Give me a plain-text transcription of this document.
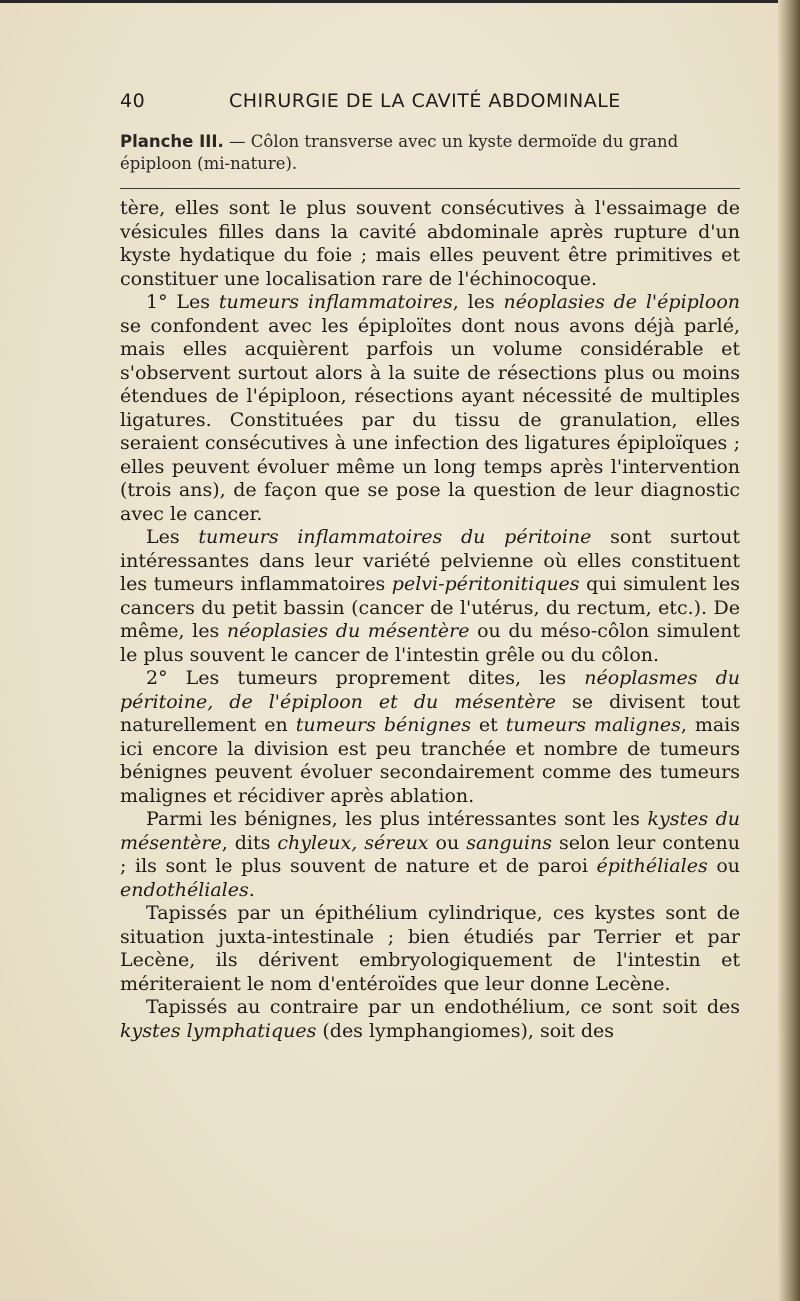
40	CHIRURGIE DE LA CAVITÉ ABDOMINALE
Planche III. — Côlon transverse avec un kyste dermoïde du grand épiploon (mi-nature).

tère, elles sont le plus souvent consécutives à l'essaimage de vésicules filles dans la cavité abdominale après rupture d'un kyste hydatique du foie ; mais elles peuvent être primitives et constituer une localisation rare de l'échinocoque.

1° Les tumeurs inflammatoires, les néoplasies de l'épiploon se confondent avec les épiploïtes dont nous avons déjà parlé, mais elles acquièrent parfois un volume considérable et s'observent surtout alors à la suite de résections plus ou moins étendues de l'épiploon, résections ayant nécessité de multiples ligatures. Constituées par du tissu de granulation, elles seraient consécutives à une infection des ligatures épiploïques ; elles peuvent évoluer même un long temps après l'intervention (trois ans), de façon que se pose la question de leur diagnostic avec le cancer.

Les tumeurs inflammatoires du péritoine sont surtout intéressantes dans leur variété pelvienne où elles constituent les tumeurs inflammatoires pelvi-péritonitiques qui simulent les cancers du petit bassin (cancer de l'utérus, du rectum, etc.). De même, les néoplasies du mésentère ou du méso-côlon simulent le plus souvent le cancer de l'intestin grêle ou du côlon.

2° Les tumeurs proprement dites, les néoplasmes du péritoine, de l'épiploon et du mésentère se divisent tout naturellement en tumeurs bénignes et tumeurs malignes, mais ici encore la division est peu tranchée et nombre de tumeurs bénignes peuvent évoluer secondairement comme des tumeurs malignes et récidiver après ablation.

Parmi les bénignes, les plus intéressantes sont les kystes du mésentère, dits chyleux, séreux ou sanguins selon leur contenu ; ils sont le plus souvent de nature et de paroi épithéliales ou endothéliales.

Tapissés par un épithélium cylindrique, ces kystes sont de situation juxta-intestinale ; bien étudiés par Terrier et par Lecène, ils dérivent embryologiquement de l'intestin et mériteraient le nom d'entéroïdes que leur donne Lecène.

Tapissés au contraire par un endothélium, ce sont soit des kystes lymphatiques (des lymphangiomes), soit des
